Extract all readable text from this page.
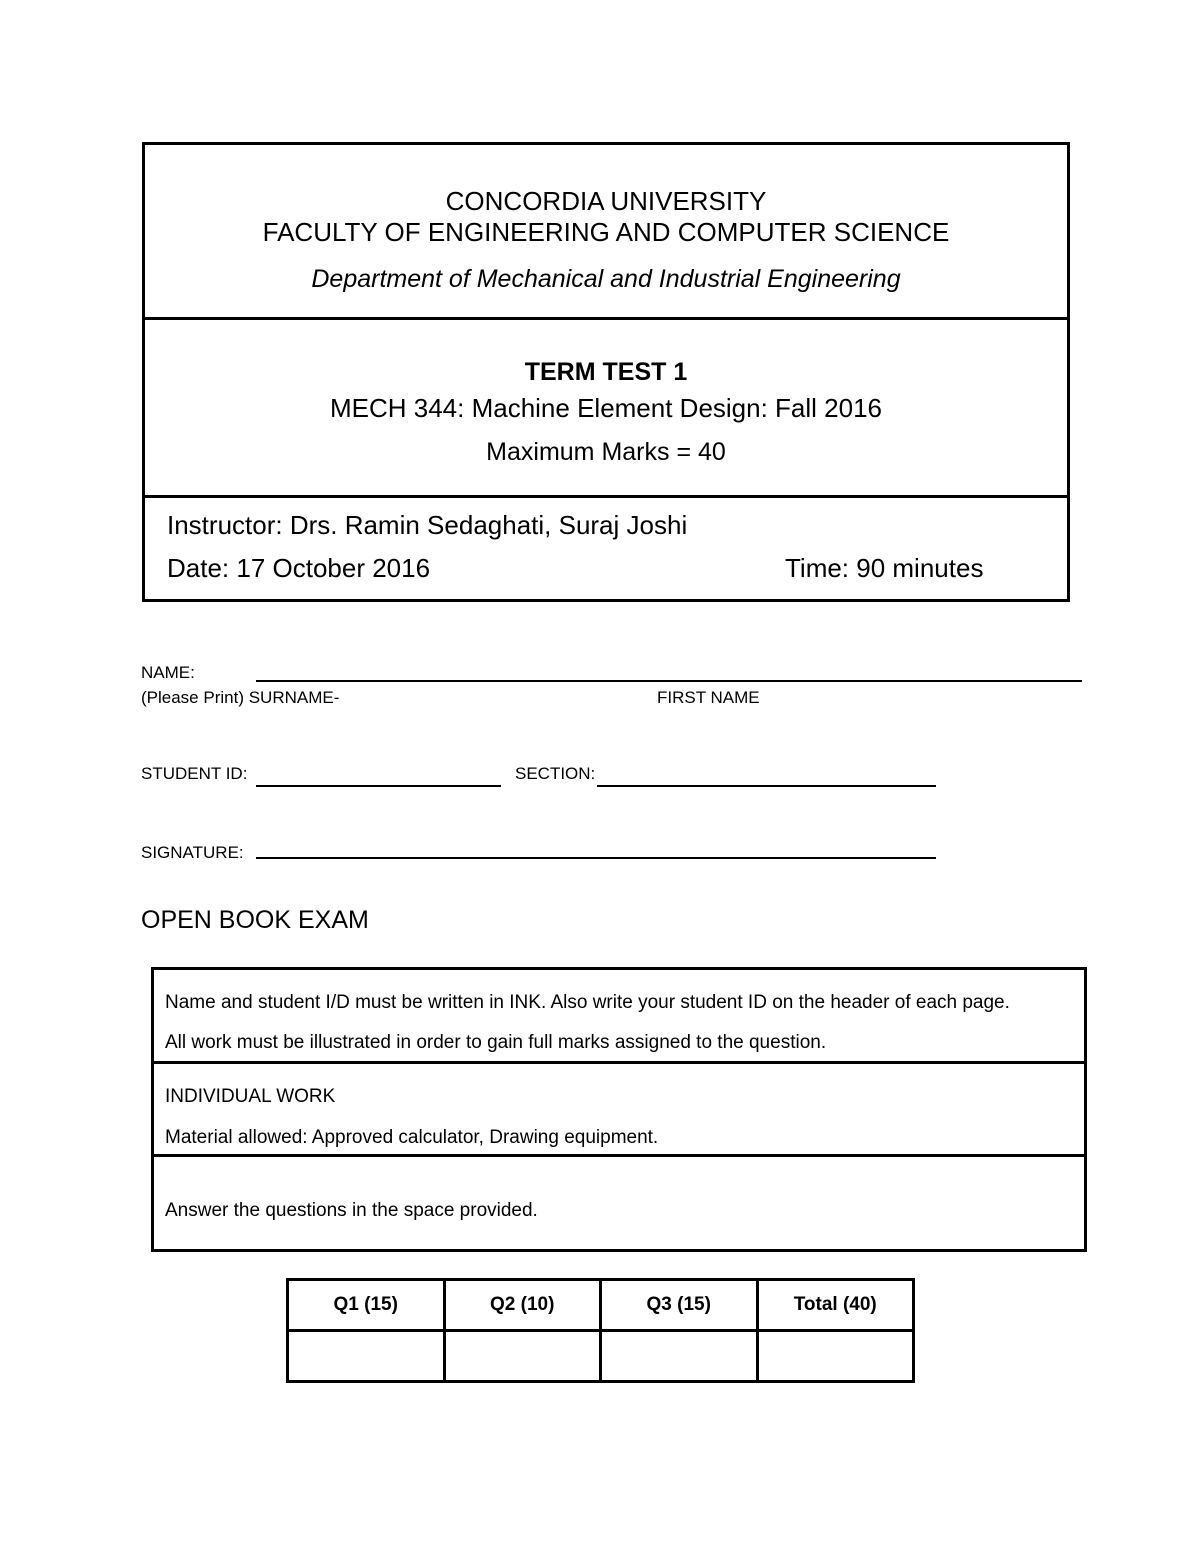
CONCORDIA UNIVERSITY
FACULTY OF ENGINEERING AND COMPUTER SCIENCE
Department of Mechanical and Industrial Engineering
TERM TEST 1
MECH 344: Machine Element Design: Fall 2016
Maximum Marks = 40
Instructor: Drs. Ramin Sedaghati, Suraj Joshi
Date: 17 October 2016	Time: 90 minutes
NAME:
(Please Print) SURNAME-	FIRST NAME
STUDENT ID:	SECTION:
SIGNATURE:
OPEN BOOK EXAM
Name and student I/D must be written in INK. Also write your student ID on the header of each page.
All work must be illustrated in order to gain full marks assigned to the question.
INDIVIDUAL WORK
Material allowed: Approved calculator, Drawing equipment.
Answer the questions in the space provided.
Q1 (15)	Q2 (10)	Q3 (15)	Total (40)
